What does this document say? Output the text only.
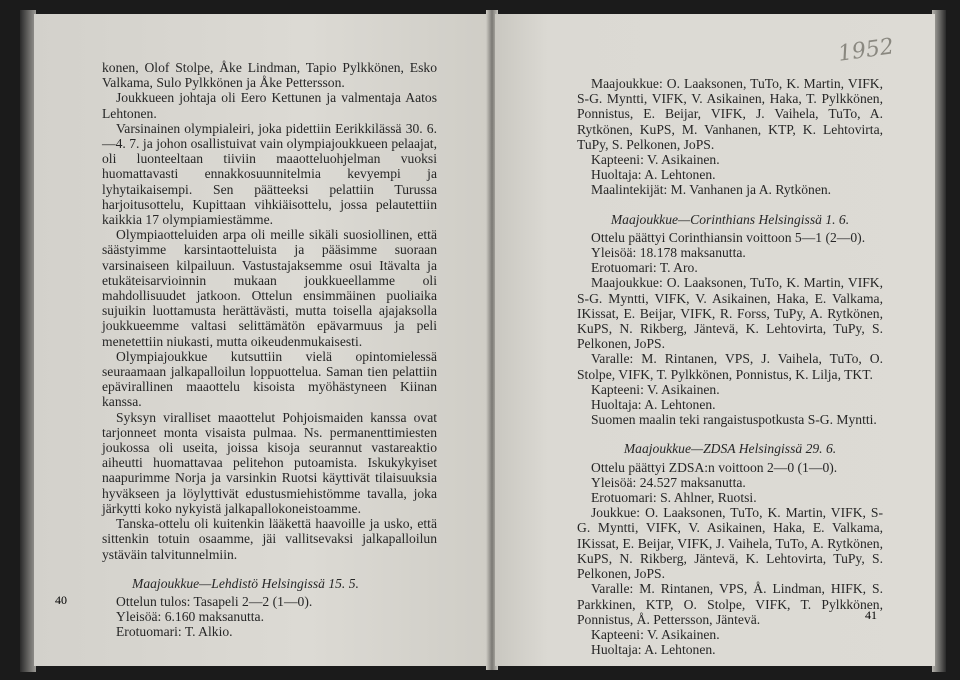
konen, Olof Stolpe, Åke Lindman, Tapio Pylkkönen, Esko Valkama, Sulo Pylkkönen ja Åke Pettersson.

Joukkueen johtaja oli Eero Kettunen ja valmentaja Aatos Lehtonen.

Varsinainen olympialeiri, joka pidettiin Eerikkilässä 30. 6.—4. 7. ja johon osallistuivat vain olympiajoukkueen pelaajat, oli luonteeltaan tiiviin maaotteluohjelman vuoksi huomattavasti ennakkosuunnitelmia kevyempi ja lyhytaikaisempi. Sen päätteeksi pelattiin Turussa harjoitusottelu, Kupittaan vihkiäisottelu, jossa pelautettiin kaikkia 17 olympiamiestämme.

Olympiaotteluiden arpa oli meille sikäli suosiollinen, että säästyimme karsintaotteluista ja pääsimme suoraan varsinaiseen kilpailuun. Vastustajaksemme osui Itävalta ja etukäteisarvioinnin mukaan joukkueellamme oli mahdollisuudet jatkoon. Ottelun ensimmäinen puoliaika sujuikin luottamusta herättävästi, mutta toisella ajajaksolla joukkueemme valtasi selittämätön epävarmuus ja peli menetettiin niukasti, mutta oikeudenmukaisesti.

Olympiajoukkue kutsuttiin vielä opintomielessä seuraamaan jalkapalloilun loppuottelua. Saman tien pelattiin epävirallinen maaottelu kisoista myöhästyneen Kiinan kanssa.

Syksyn viralliset maaottelut Pohjoismaiden kanssa ovat tarjonneet monta visaista pulmaa. Ns. permanenttimiesten joukossa oli useita, joissa kisoja seurannut vastareaktio aiheutti huomattavaa pelitehon putoamista. Iskukykyiset naapurimme Norja ja varsinkin Ruotsi käyttivät tilaisuuksia hyväkseen ja löylyttivät edustusmiehistömme tavalla, joka järkytti koko nykyistä jalkapallokoneistoamme.

Tanska-ottelu oli kuitenkin lääkettä haavoille ja usko, että sittenkin totuin osaamme, jäi vallitsevaksi jalkapalloilun ystäväin talvitunnelmiin.

Maajoukkue—Lehdistö Helsingissä 15. 5.

Ottelun tulos: Tasapeli 2—2 (1—0).

Yleisöä: 6.160 maksanutta.

Erotuomari: T. Alkio.

40

Maajoukkue: O. Laaksonen, TuTo, K. Martin, VIFK, S-G. Myntti, VIFK, V. Asikainen, Haka, T. Pylkkönen, Ponnistus, E. Beijar, VIFK, J. Vaihela, TuTo, A. Rytkönen, KuPS, M. Vanhanen, KTP, K. Lehtovirta, TuPy, S. Pelkonen, JoPS.

Kapteeni: V. Asikainen.

Huoltaja: A. Lehtonen.

Maalintekijät: M. Vanhanen ja A. Rytkönen.

Maajoukkue—Corinthians Helsingissä 1. 6.

Ottelu päättyi Corinthiansin voittoon 5—1 (2—0).

Yleisöä: 18.178 maksanutta.

Erotuomari: T. Aro.

Maajoukkue: O. Laaksonen, TuTo, K. Martin, VIFK, S-G. Myntti, VIFK, V. Asikainen, Haka, E. Valkama, IKissat, E. Beijar, VIFK, R. Forss, TuPy, A. Rytkönen, KuPS, N. Rikberg, Jäntevä, K. Lehtovirta, TuPy, S. Pelkonen, JoPS.

Varalle: M. Rintanen, VPS, J. Vaihela, TuTo, O. Stolpe, VIFK, T. Pylkkönen, Ponnistus, K. Lilja, TKT.

Kapteeni: V. Asikainen.

Huoltaja: A. Lehtonen.

Suomen maalin teki rangaistuspotkusta S-G. Myntti.

Maajoukkue—ZDSA Helsingissä 29. 6.

Ottelu päättyi ZDSA:n voittoon 2—0 (1—0).

Yleisöä: 24.527 maksanutta.

Erotuomari: S. Ahlner, Ruotsi.

Joukkue: O. Laaksonen, TuTo, K. Martin, VIFK, S-G. Myntti, VIFK, V. Asikainen, Haka, E. Valkama, IKissat, E. Beijar, VIFK, J. Vaihela, TuTo, A. Rytkönen, KuPS, N. Rikberg, Jäntevä, K. Lehtovirta, TuPy, S. Pelkonen, JoPS.

Varalle: M. Rintanen, VPS, Å. Lindman, HIFK, S. Parkkinen, KTP, O. Stolpe, VIFK, T. Pylkkönen, Ponnistus, Å. Pettersson, Jäntevä.

Kapteeni: V. Asikainen.

Huoltaja: A. Lehtonen.

1952
41
